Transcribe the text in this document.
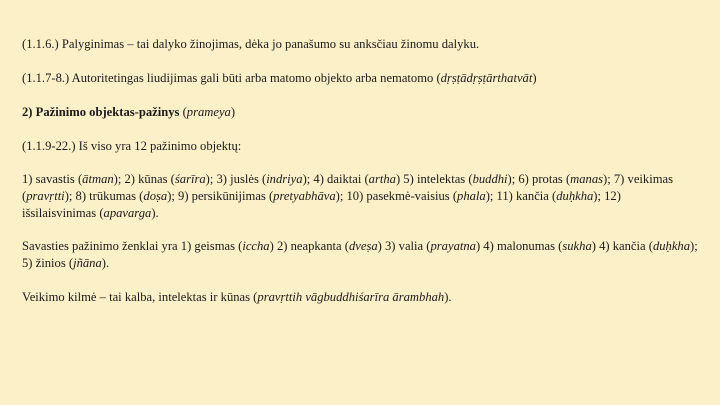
(1.1.6.) Palyginimas – tai dalyko žinojimas, dėka jo panašumo su anksčiau žinomu dalyku.

(1.1.7-8.) Autoritetingas liudijimas gali būti arba matomo objekto arba nematomo (dṛṣṭādṛṣṭārthatvāt)

2) Pažinimo objektas-pažinys (prameya)

(1.1.9-22.) Iš viso yra 12 pažinimo objektų:

1) savastis (ātman); 2) kūnas (śarīra); 3) juslės (indriya); 4) daiktai (artha) 5) intelektas (buddhi); 6) protas (manas); 7) veikimas (pravṛtti); 8) trūkumas (doṣa); 9) persikūnijimas (pretyabhāva); 10) pasekmė-vaisius (phala); 11) kančia (duḥkha); 12) išsilaisvinimas (apavarga).

Savasties pažinimo ženklai yra 1) geismas (iccha) 2) neapkanta (dveṣa) 3) valia (prayatna) 4) malonumas (sukha) 4) kančia (duḥkha); 5) žinios (jñāna).

Veikimo kilmė – tai kalba, intelektas ir kūnas (pravṛttih vāgbuddhiśarīra ārambhah).
